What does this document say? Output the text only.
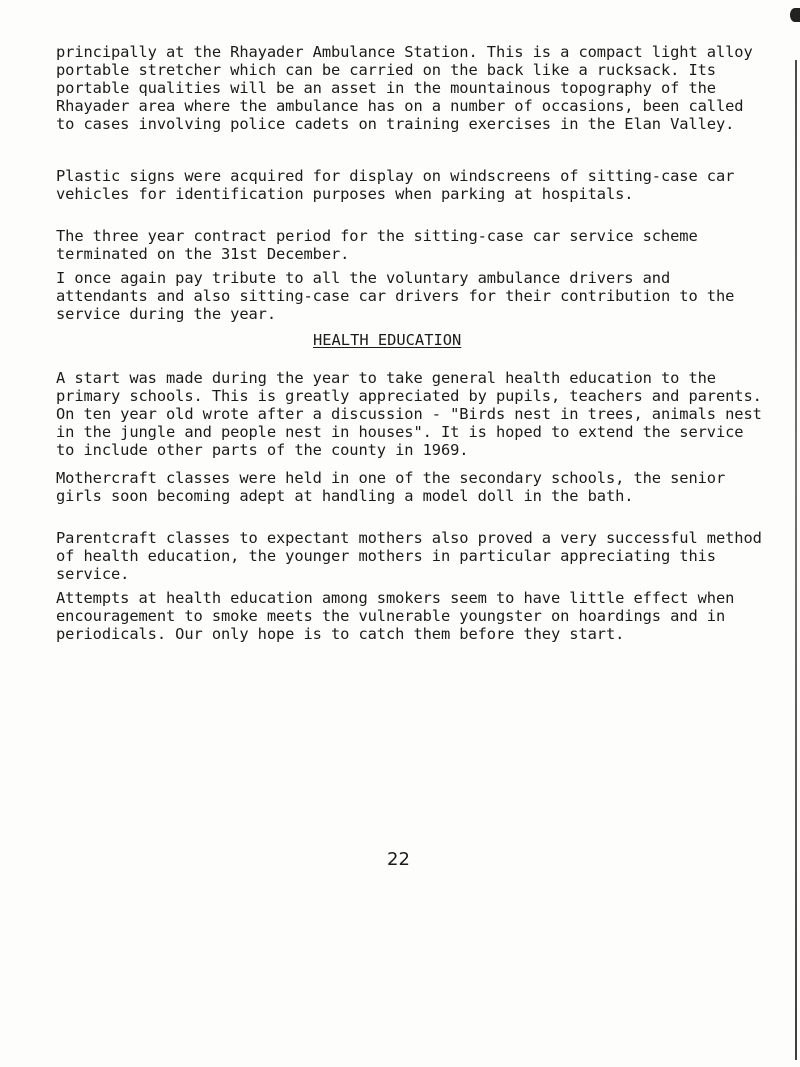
principally at the Rhayader Ambulance Station. This is a compact light alloy portable stretcher which can be carried on the back like a rucksack. Its portable qualities will be an asset in the mountainous topography of the Rhayader area where the ambulance has on a number of occasions, been called to cases involving police cadets on training exercises in the Elan Valley.
Plastic signs were acquired for display on windscreens of sitting-case car vehicles for identification purposes when parking at hospitals.
The three year contract period for the sitting-case car service scheme terminated on the 31st December.
I once again pay tribute to all the voluntary ambulance drivers and attendants and also sitting-case car drivers for their contribution to the service during the year.
HEALTH EDUCATION
A start was made during the year to take general health education to the primary schools. This is greatly appreciated by pupils, teachers and parents. On ten year old wrote after a discussion - "Birds nest in trees, animals nest in the jungle and people nest in houses". It is hoped to extend the service to include other parts of the county in 1969.
Mothercraft classes were held in one of the secondary schools, the senior girls soon becoming adept at handling a model doll in the bath.
Parentcraft classes to expectant mothers also proved a very successful method of health education, the younger mothers in particular appreciating this service.
Attempts at health education among smokers seem to have little effect when encouragement to smoke meets the vulnerable youngster on hoardings and in periodicals. Our only hope is to catch them before they start.
22
